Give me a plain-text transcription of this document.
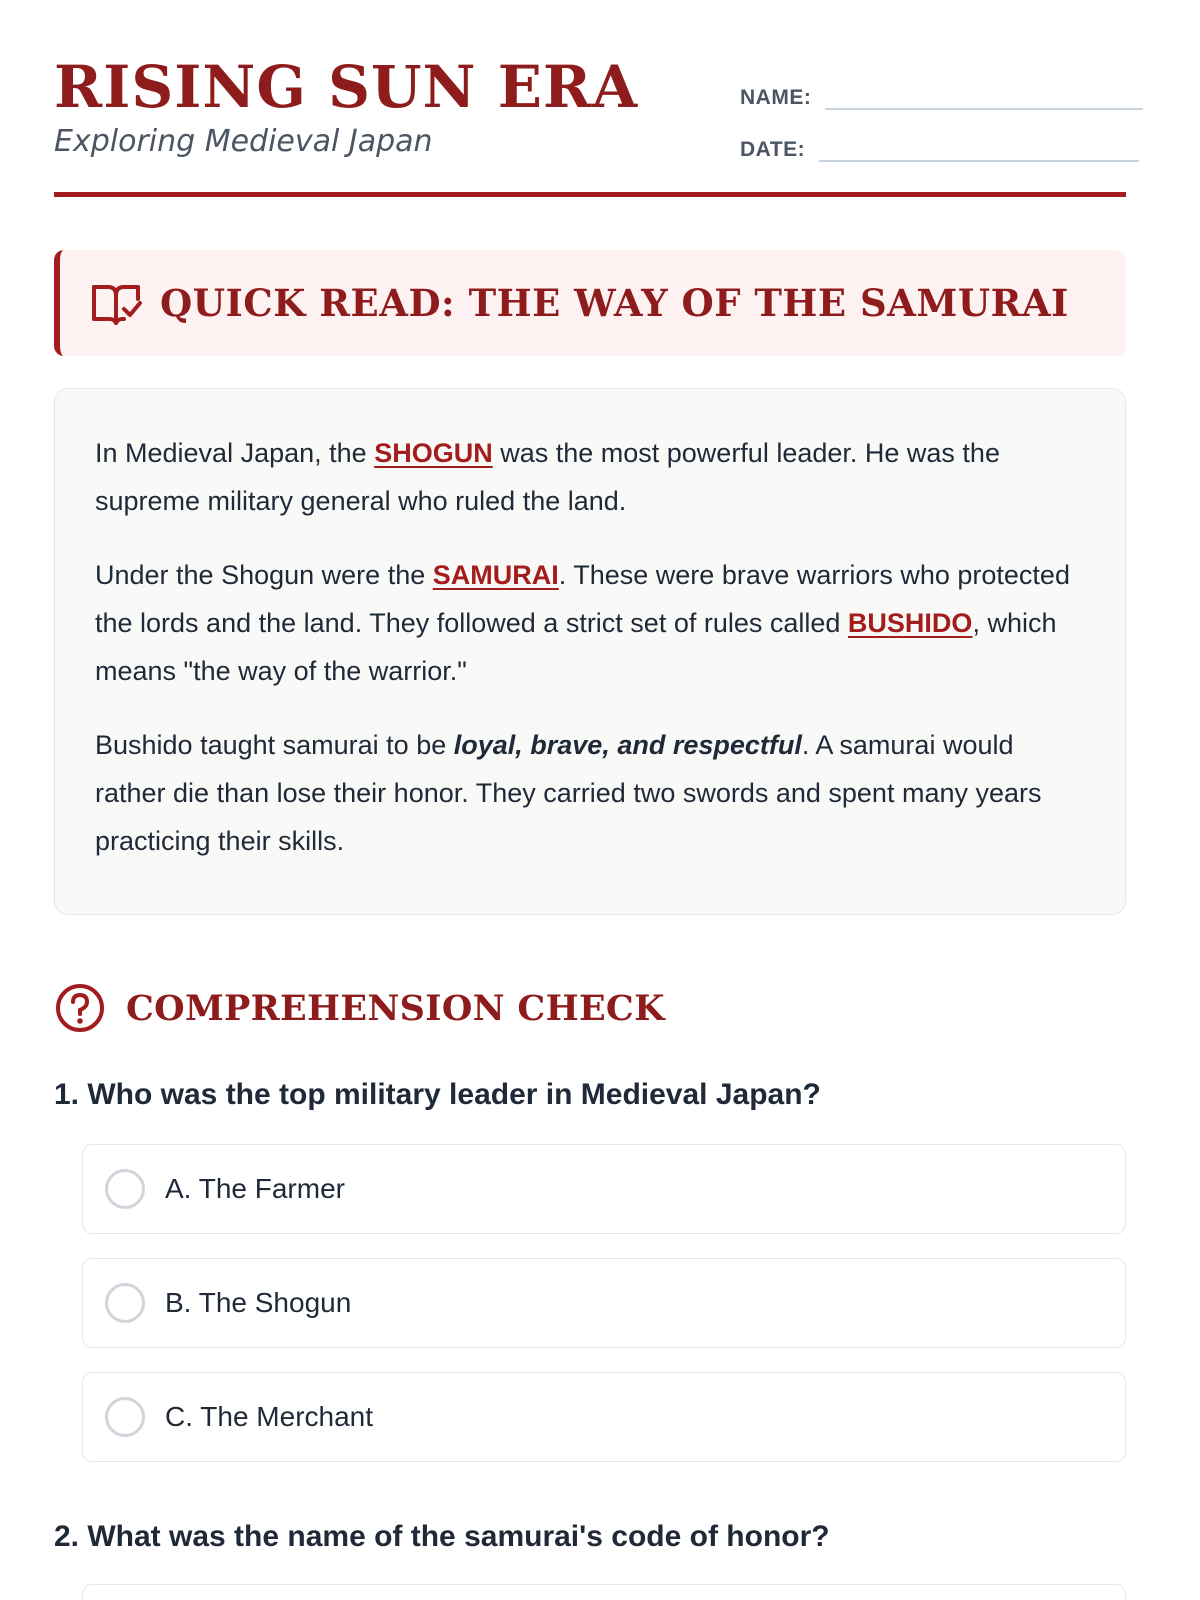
RISING SUN ERA
Exploring Medieval Japan
NAME:
DATE:
QUICK READ: THE WAY OF THE SAMURAI

In Medieval Japan, the SHOGUN was the most powerful leader. He was the supreme military general who ruled the land.

Under the Shogun were the SAMURAI. These were brave warriors who protected the lords and the land. They followed a strict set of rules called BUSHIDO, which means "the way of the warrior."

Bushido taught samurai to be loyal, brave, and respectful. A samurai would rather die than lose their honor. They carried two swords and spent many years practicing their skills.

COMPREHENSION CHECK
1. Who was the top military leader in Medieval Japan?
A. The Farmer
B. The Shogun
C. The Merchant
2. What was the name of the samurai's code of honor?
